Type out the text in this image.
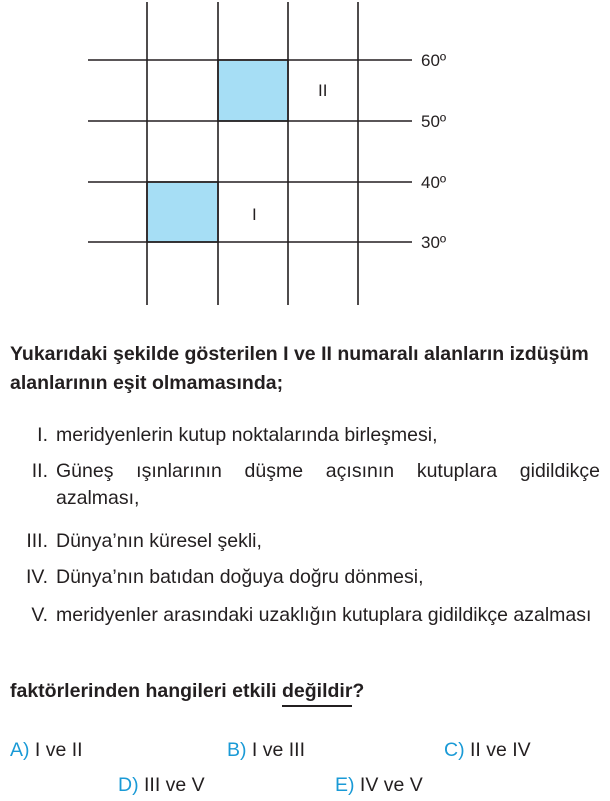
60º
50º
40º
30º
II
I
Yukarıdaki şekilde gösterilen I ve II numaralı alanların izdüşüm alanlarının eşit olmamasında;
I. meridyenlerin kutup noktalarında birleşmesi,
II. Güneş ışınlarının düşme açısının kutuplara gidildikçe azalması,
III. Dünya’nın küresel şekli,
IV. Dünya’nın batıdan doğuya doğru dönmesi,
V. meridyenler arasındaki uzaklığın kutuplara gidildikçe azalması
faktörlerinden hangileri etkili değildir?
A) I ve II	B) I ve III	C) II ve IV
D) III ve V	E) IV ve V
